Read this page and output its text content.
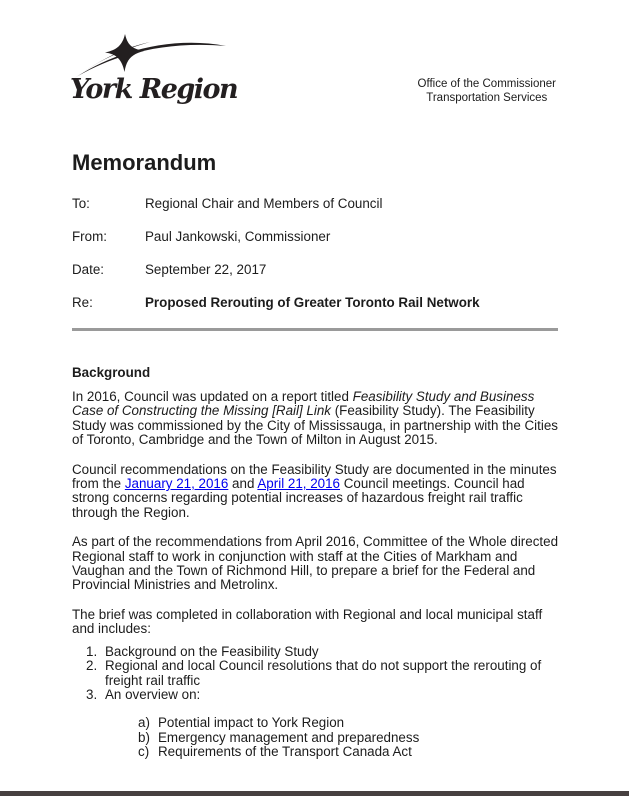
York Region	Office of the Commissioner
Transportation Services
Memorandum
To:	Regional Chair and Members of Council
From:	Paul Jankowski, Commissioner
Date:	September 22, 2017
Re:	Proposed Rerouting of Greater Toronto Rail Network
Background

In 2016, Council was updated on a report titled Feasibility Study and Business Case of Constructing the Missing [Rail] Link (Feasibility Study). The Feasibility Study was commissioned by the City of Mississauga, in partnership with the Cities of Toronto, Cambridge and the Town of Milton in August 2015.

Council recommendations on the Feasibility Study are documented in the minutes from the January 21, 2016 and April 21, 2016 Council meetings. Council had strong concerns regarding potential increases of hazardous freight rail traffic through the Region.

As part of the recommendations from April 2016, Committee of the Whole directed Regional staff to work in conjunction with staff at the Cities of Markham and Vaughan and the Town of Richmond Hill, to prepare a brief for the Federal and Provincial Ministries and Metrolinx.

The brief was completed in collaboration with Regional and local municipal staff and includes:

1. Background on the Feasibility Study
2. Regional and local Council resolutions that do not support the rerouting of freight rail traffic
3. An overview on:
a) Potential impact to York Region
b) Emergency management and preparedness
c) Requirements of the Transport Canada Act
